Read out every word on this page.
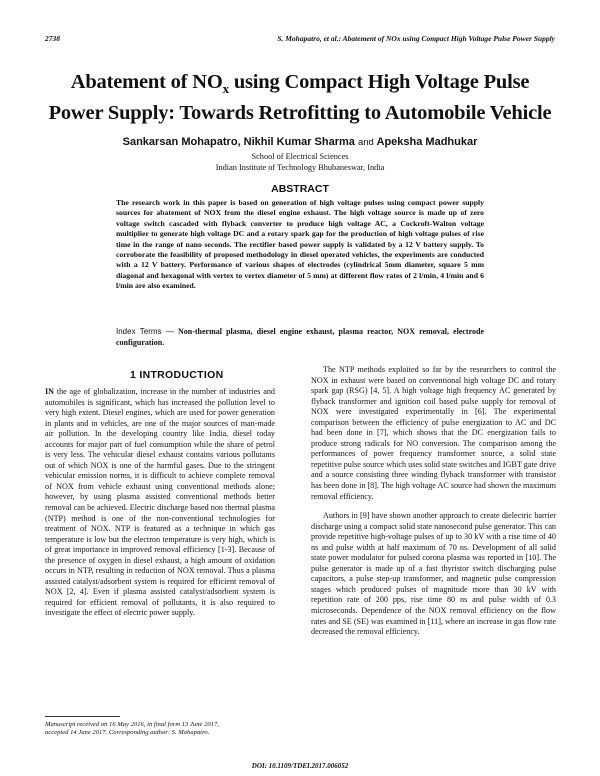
2738	S. Mohapatro, et al.: Abatement of NOx using Compact High Voltage Pulse Power Supply
Abatement of $NO_x$ using Compact High Voltage Pulse
Power Supply: Towards Retrofitting to Automobile Vehicle
Sankarsan Mohapatro, Nikhil Kumar Sharma and Apeksha Madhukar
School of Electrical Sciences
Indian Institute of Technology Bhubaneswar, India
ABSTRACT
The research work in this paper is based on generation of high voltage pulses using compact power supply sources for abatement of NOX from the diesel engine exhaust. The high voltage source is made up of zero voltage switch cascaded with flyback converter to produce high voltage AC, a Cockroft-Walton voltage multiplier to generate high voltage DC and a rotary spark gap for the production of high voltage pulses of rise time in the range of nano seconds. The rectifier based power supply is validated by a 12 V battery supply. To corroborate the feasibility of proposed methodology in diesel operated vehicles, the experiments are conducted with a 12 V battery. Performance of various shapes of electrodes (cylindrical 5mm diameter, square 5 mm diagonal and hexagonal with vertex to vertex diameter of 5 mm) at different flow rates of 2 l/min, 4 l/min and 6 l/min are also examined.
Index Terms — Non-thermal plasma, diesel engine exhaust, plasma reactor, NOX removal, electrode configuration.
1 INTRODUCTION

IN the age of globalization, increase in the number of industries and automobiles is significant, which has increased the pollution level to very high extent. Diesel engines, which are used for power generation in plants and in vehicles, are one of the major sources of man-made air pollution. In the developing country like India, diesel today accounts for major part of fuel consumption while the share of petrol is very less. The vehicular diesel exhaust contains various pollutants out of which NOX is one of the harmful gases. Due to the stringent vehicular emission norms, it is difficult to achieve complete removal of NOX from vehicle exhaust using conventional methods alone; however, by using plasma assisted conventional methods better removal can be achieved. Electric discharge based non thermal plasma (NTP) method is one of the non-conventional technologies for treatment of NOX. NTP is featured as a technique in which gas temperature is low but the electron temperature is very high, which is of great importance in improved removal efficiency [1-3]. Because of the presence of oxygen in diesel exhaust, a high amount of oxidation occurs in NTP, resulting in reduction of NOX removal. Thus a plasma assisted catalyst/adsorbent system is required for efficient removal of NOX [2, 4]. Even if plasma assisted catalyst/adsorbent system is required for efficient removal of pollutants, it is also required to investigate the effect of electric power supply.

The NTP methods exploited so far by the researchers to control the NOX in exhaust were based on conventional high voltage DC and rotary spark gap (RSG) [4, 5]. A high voltage high frequency AC generated by flyback transformer and ignition coil based pulse supply for removal of NOX were investigated experimentally in [6]. The experimental comparison between the efficiency of pulse energization to AC and DC had been done in [7], which shows that the DC energization fails to produce strong radicals for NO conversion. The comparison among the performances of power frequency transformer source, a solid state repetitive pulse source which uses solid state switches and IGBT gate drive and a source consisting three winding flyback transformer with transistor has been done in [8]. The high voltage AC source had shown the maximum removal efficiency.

Authors in [9] have shown another approach to create dielectric barrier discharge using a compact solid state nanosecond pulse generator. This can provide repetitive high-voltage pulses of up to 30 kV with a rise time of 40 ns and pulse width at half maximum of 70 ns. Development of all solid state power modulator for pulsed corona plasma was reported in [10]. The pulse generator is made up of a fast thyristor switch discharging pulse capacitors, a pulse step-up transformer, and magnetic pulse compression stages which produced pulses of magnitude more than 30 kV with repetition rate of 200 pps, rise time 80 ns and pulse width of 0.3 microseconds. Dependence of the NOX removal efficiency on the flow rates and SE (SE) was examined in [11], where an increase in gas flow rate decreased the removal efficiency.

Manuscript received on 16 May 2016, in final form 13 June 2017,
accepted 14 June 2017. Corresponding author: S. Mohapatro.
DOI: 10.1109/TDEI.2017.006052
